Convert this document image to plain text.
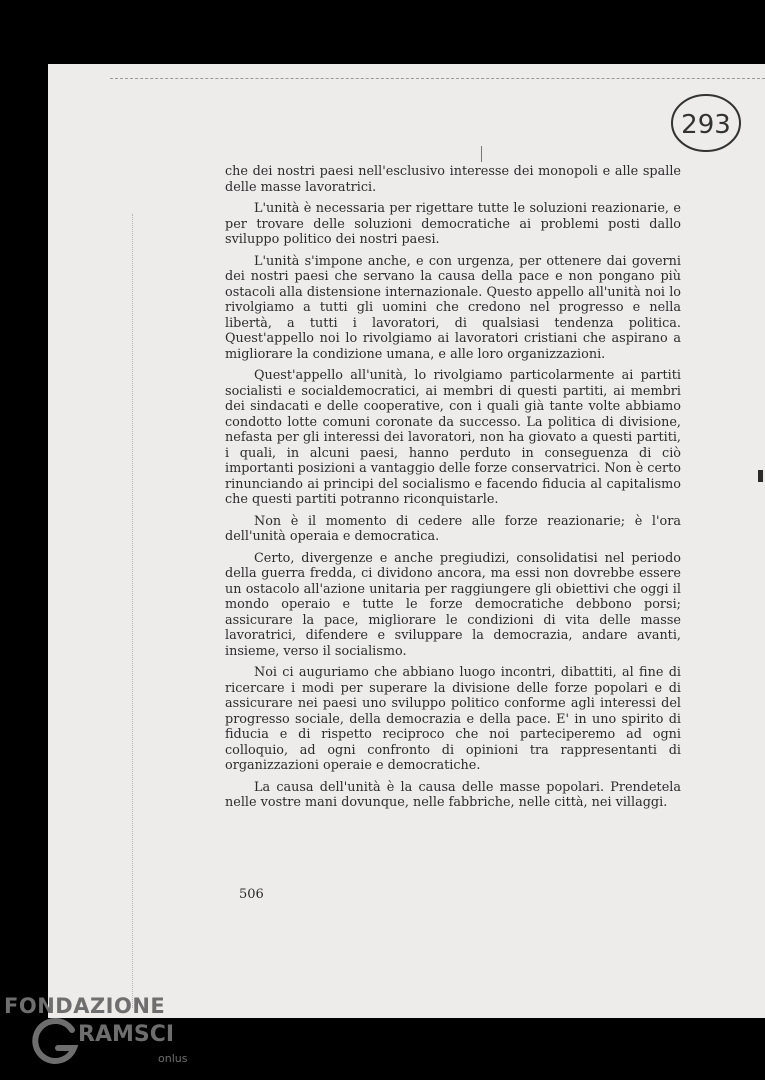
293

che dei nostri paesi nell'esclusivo interesse dei monopoli e alle spalle delle masse lavoratrici.

L'unità è necessaria per rigettare tutte le soluzioni reazionarie, e per trovare delle soluzioni democratiche ai problemi posti dallo sviluppo politico dei nostri paesi.

L'unità s'impone anche, e con urgenza, per ottenere dai governi dei nostri paesi che servano la causa della pace e non pongano più ostacoli alla distensione internazionale. Questo appello all'unità noi lo rivolgiamo a tutti gli uomini che credono nel progresso e nella libertà, a tutti i lavoratori, di qualsiasi tendenza politica. Quest'appello noi lo rivolgiamo ai lavoratori cristiani che aspirano a migliorare la condizione umana, e alle loro organizzazioni.

Quest'appello all'unità, lo rivolgiamo particolarmente ai partiti socialisti e socialdemocratici, ai membri di questi partiti, ai membri dei sindacati e delle cooperative, con i quali già tante volte abbiamo condotto lotte comuni coronate da successo. La politica di divisione, nefasta per gli interessi dei lavoratori, non ha giovato a questi partiti, i quali, in alcuni paesi, hanno perduto in conseguenza di ciò importanti posizioni a vantaggio delle forze conservatrici. Non è certo rinunciando ai principi del socialismo e facendo fiducia al capitalismo che questi partiti potranno riconquistarle.

Non è il momento di cedere alle forze reazionarie; è l'ora dell'unità operaia e democratica.

Certo, divergenze e anche pregiudizi, consolidatisi nel periodo della guerra fredda, ci dividono ancora, ma essi non dovrebbe essere un ostacolo all'azione unitaria per raggiungere gli obiettivi che oggi il mondo operaio e tutte le forze democratiche debbono porsi; assicurare la pace, migliorare le condizioni di vita delle masse lavoratrici, difendere e sviluppare la democrazia, andare avanti, insieme, verso il socialismo.

Noi ci auguriamo che abbiano luogo incontri, dibattiti, al fine di ricercare i modi per superare la divisione delle forze popolari e di assicurare nei paesi uno sviluppo politico conforme agli interessi del progresso sociale, della democrazia e della pace. E' in uno spirito di fiducia e di rispetto reciproco che noi parteciperemo ad ogni colloquio, ad ogni confronto di opinioni tra rappresentanti di organizzazioni operaie e democratiche.

La causa dell'unità è la causa delle masse popolari. Prendetela nelle vostre mani dovunque, nelle fabbriche, nelle città, nei villaggi.

506
FONDAZIONE
RAMSCI
onlus
